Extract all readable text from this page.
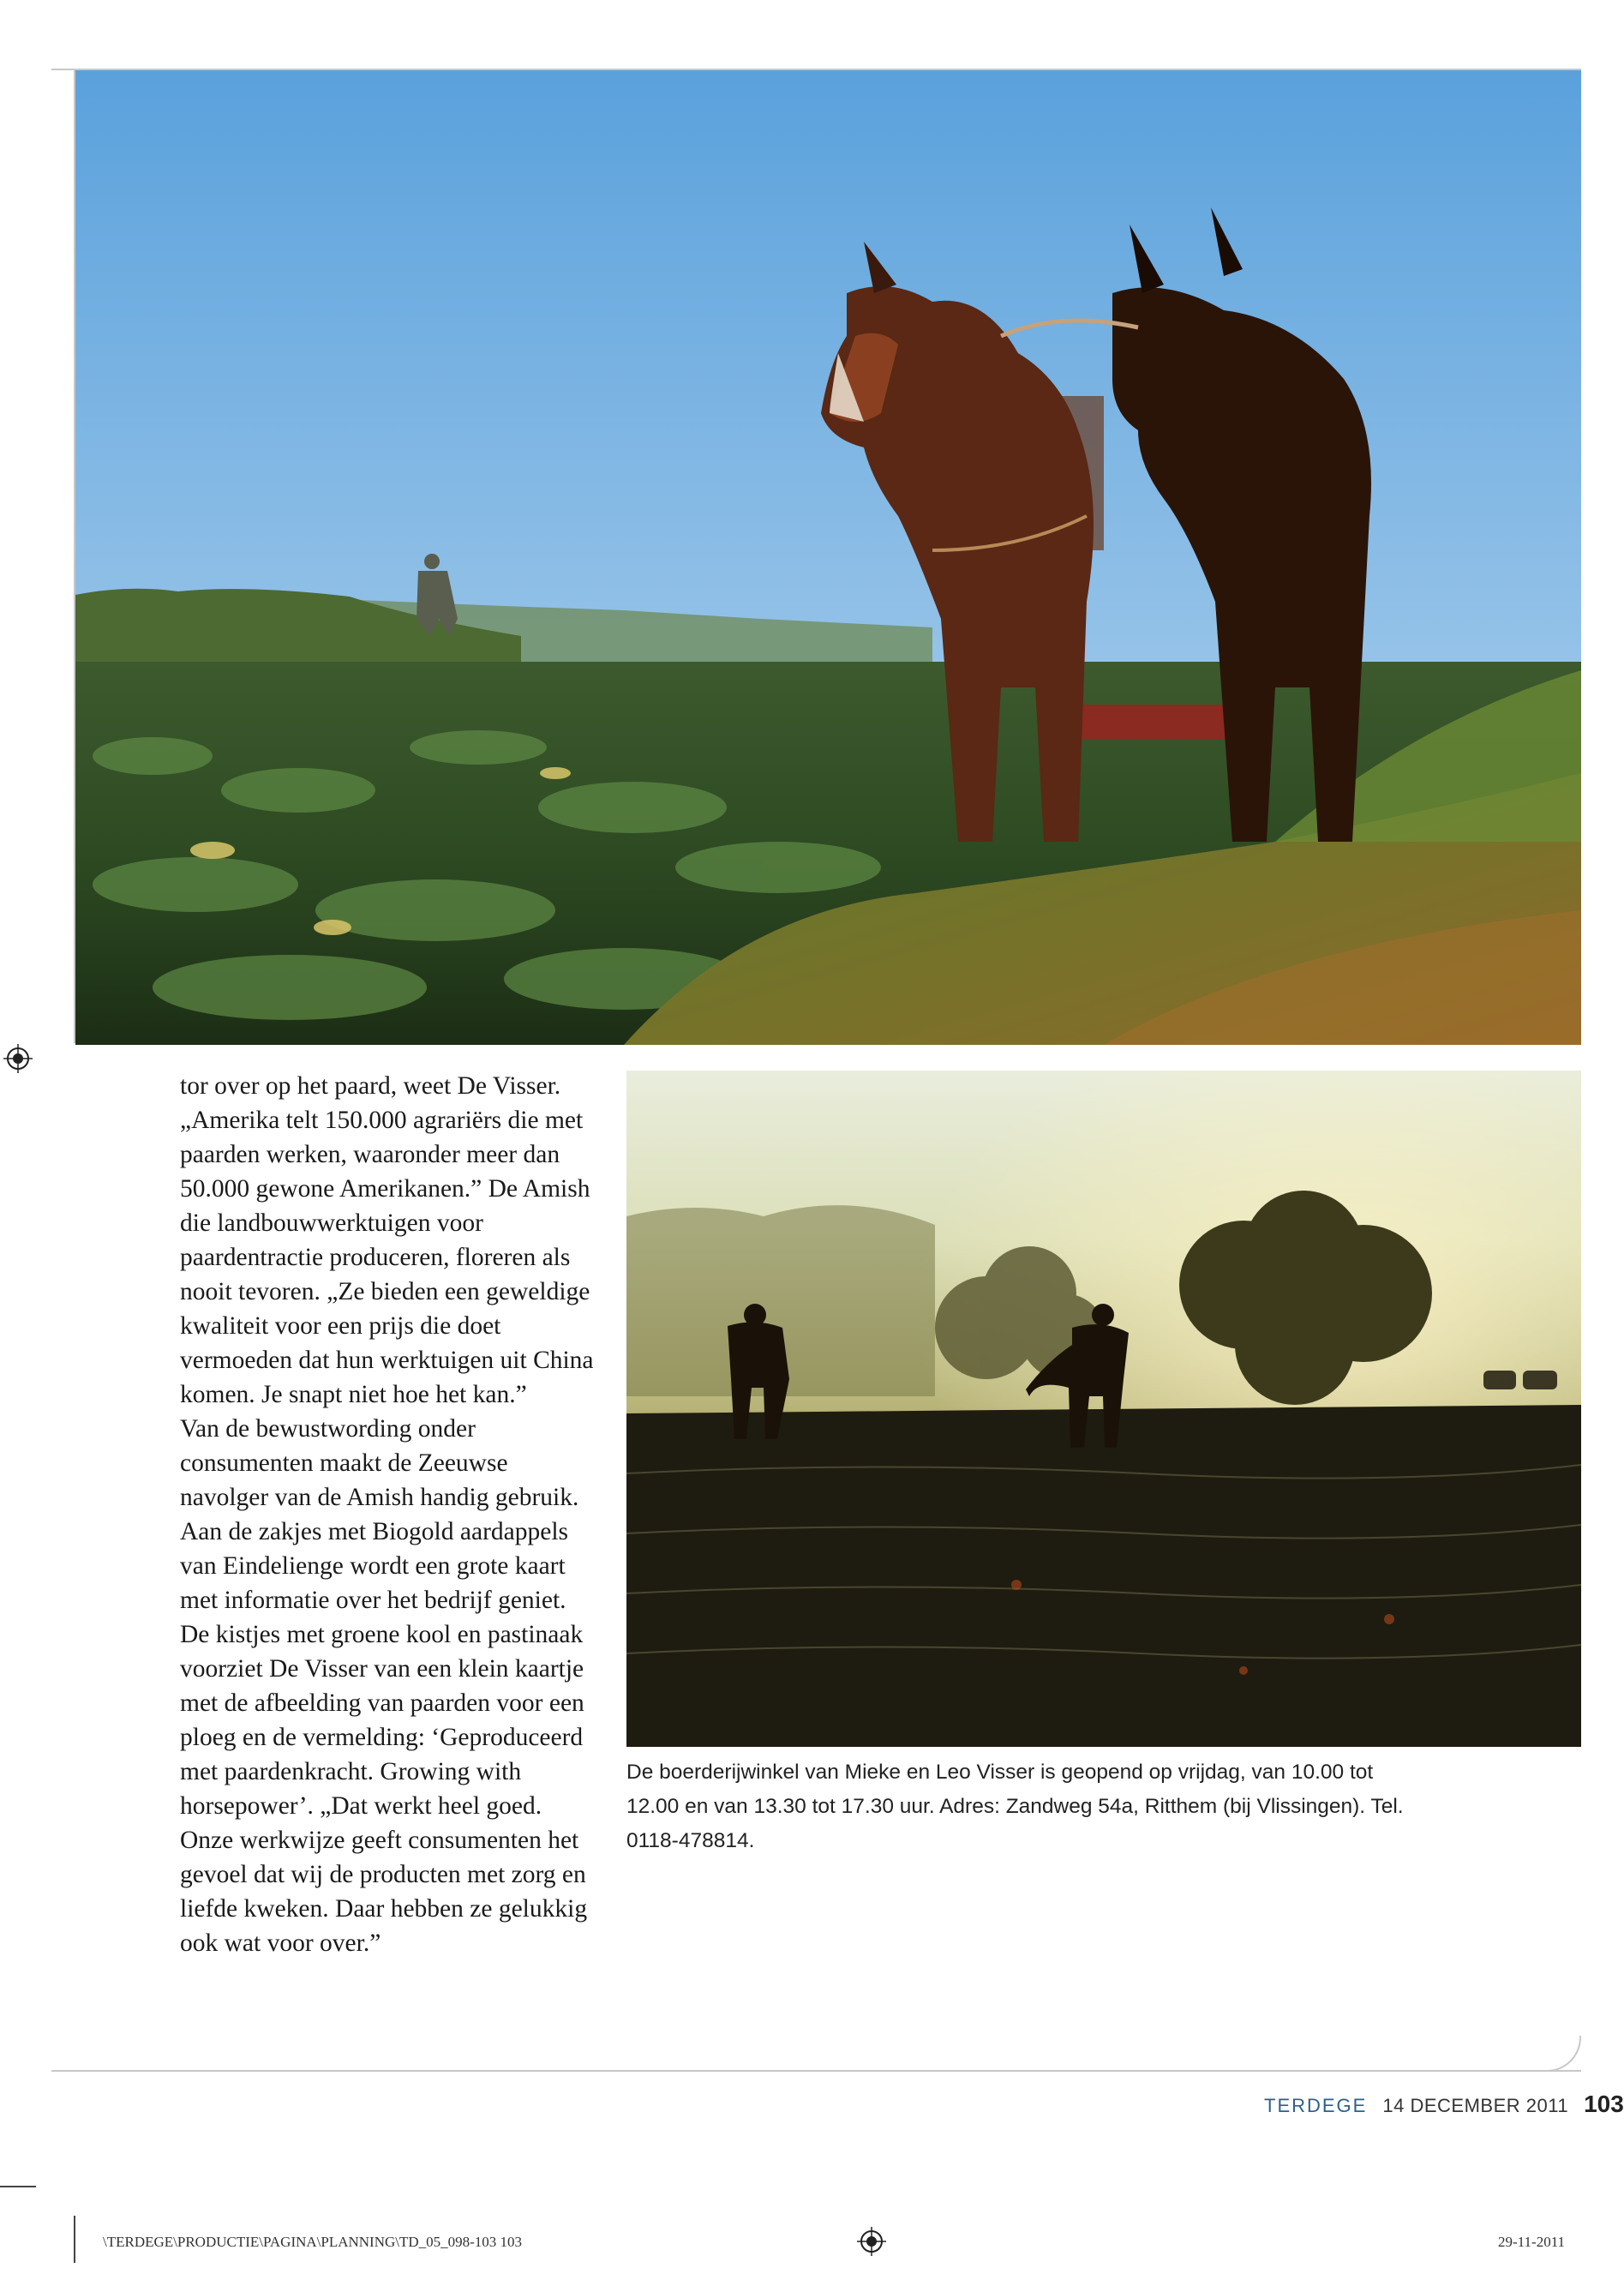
tor over op het paard, weet De Visser. „Amerika telt 150.000 agrariërs die met paarden werken, waaronder meer dan 50.000 gewone Amerikanen.” De Amish die landbouwwerktuigen voor paardentractie produceren, floreren als nooit tevoren. „Ze bieden een geweldige kwaliteit voor een prijs die doet vermoeden dat hun werktuigen uit China komen. Je snapt niet hoe het kan.”

Van de bewustwording onder consumenten maakt de Zeeuwse navolger van de Amish handig gebruik. Aan de zakjes met Biogold aardappels van Eindelienge wordt een grote kaart met informatie over het bedrijf geniet. De kistjes met groene kool en pastinaak voorziet De Visser van een klein kaartje met de afbeelding van paarden voor een ploeg en de vermelding: ‘Geproduceerd met paardenkracht. Growing with horsepower’. „Dat werkt heel goed. Onze werkwijze geeft consumenten het gevoel dat wij de producten met zorg en liefde kweken. Daar hebben ze gelukkig ook wat voor over.”

De boerderijwinkel van Mieke en Leo Visser is geopend op vrijdag, van 10.00 tot 12.00 en van 13.30 tot 17.30 uur. Adres: Zandweg 54a, Ritthem (bij Vlissingen). Tel. 0118-478814.
TERDEGE 14 DECEMBER 2011 103
\TERDEGE\PRODUCTIE\PAGINA\PLANNING\TD_05_098-103 103	29-11-2011
